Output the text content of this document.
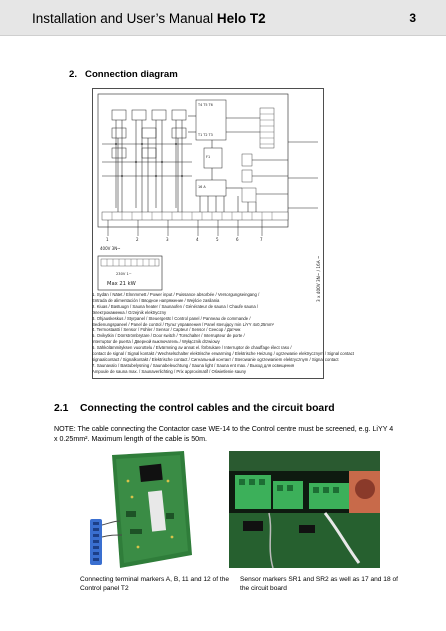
Installation and User’s Manual Helo T2	3
2. Connection diagram
T4 T5 T6
T1 T2 T3
F1
16 A
1	2	3	4	5	6	7
400V 3N~
230V 1~
Max 21 kW	3 x 400V 3N~ / 16A ~

1. Sydän / Nätet / Elnnmmett / Power input / Puissance absorbée / Versorgungseingang /

Entrada de alimentación / Вводное напряжение / Wejście zasilania

2. Kiuas / Bastuugn / Sauna heater / Saunaofen / Générateur de sauna / Chaufe sauna /

Электрокаменка / Grzejnik elektryczny

3. Ohjauskeskus / Styrpanel / Steuergerät / Control panel / Panneau de commande /

Bedienungspaneel / Panel de control / Пульт управления / Panel sterujący min LiYY 4x0,25mm²

4. Termostaatti / Sensor / Fühler / Sensor / Capteur / Sensor / Сенсор / Датчик

5. Ovikytkin / Dörrströmbrytare / Door switch / Türschalter / Interrupteur de porte /

Interruptor de puerta / Дверной выключатель / Wyłącznik drzwiowy

6. Sähkölämmityksen vuorottelu / Elvärmning av annat el. förbrukare / Interruptor de chauffage élect raso /

contact de signal / Signal kontakt / Wechselschalter elektrische erwarming / Elektrische Heizung / ogrzewanie elektrycznym / Signal contact

signaalcontact / Signalkontakt / Elektrische contact / Сигнальный контакт / Sterowanie ogrzewaniem elektrycznym / Signal contact

7. Saunavalo / Bastubelysning / Saunabeleuchtung / Sauna light / Sauna ent max. / Выход для освещения

Ampoule de sauna max. / Saunaverlichting / Prix approximatif / Oświetlenie sauny

2.1 Connecting the control cables and the circuit board
NOTE: The cable connecting the Contactor case WE-14 to the Control centre must be screened, e.g. LiYY 4 x 0.25mm². Maximum length of the cable is 50m.
Connecting terminal markers A, B, 11 and 12 of the Control panel T2
Sensor markers SR1 and SR2 as well as 17 and 18 of the circuit board
